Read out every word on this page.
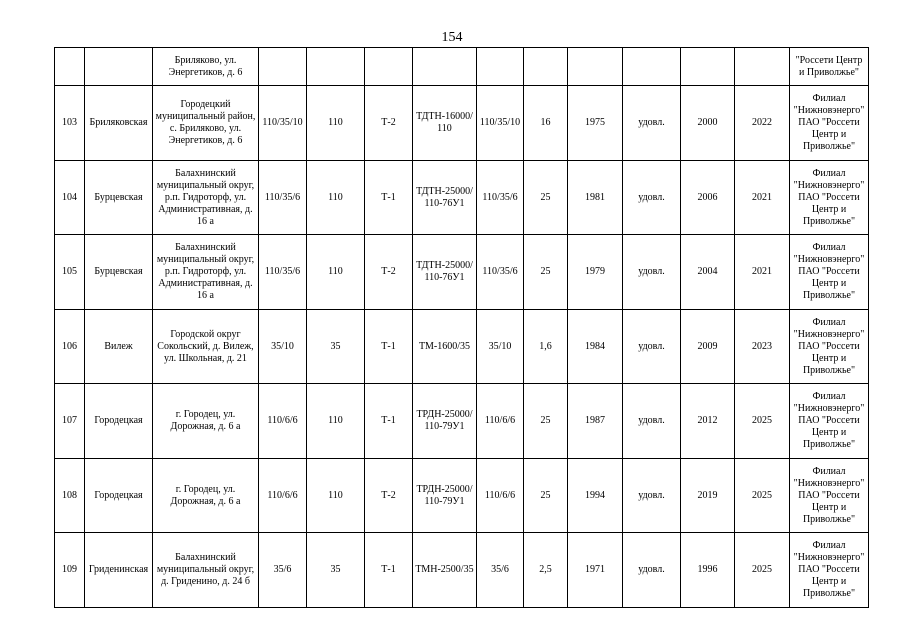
154
		Бриляково, ул. Энергетиков, д. 6											"Россети Центр и Приволжье"
103	Бриляковская	Городецкий муниципальный район, с. Бриляково, ул. Энергетиков, д. 6	110/35/10	110	Т-2	ТДТН-16000/110	110/35/10	16	1975	удовл.	2000	2022	Филиал "Нижновэнерго" ПАО "Россети Центр и Приволжье"
104	Бурцевская	Балахнинский муниципальный округ, р.п. Гидроторф, ул. Административная, д. 16 а	110/35/6	110	Т-1	ТДТН-25000/110-76У1	110/35/6	25	1981	удовл.	2006	2021	Филиал "Нижновэнерго" ПАО "Россети Центр и Приволжье"
105	Бурцевская	Балахнинский муниципальный округ, р.п. Гидроторф, ул. Административная, д. 16 а	110/35/6	110	Т-2	ТДТН-25000/110-76У1	110/35/6	25	1979	удовл.	2004	2021	Филиал "Нижновэнерго" ПАО "Россети Центр и Приволжье"
106	Вилеж	Городской округ Сокольский, д. Вилеж, ул. Школьная, д. 21	35/10	35	Т-1	ТМ-1600/35	35/10	1,6	1984	удовл.	2009	2023	Филиал "Нижновэнерго" ПАО "Россети Центр и Приволжье"
107	Городецкая	г. Городец, ул. Дорожная, д. 6 а	110/6/6	110	Т-1	ТРДН-25000/110-79У1	110/6/6	25	1987	удовл.	2012	2025	Филиал "Нижновэнерго" ПАО "Россети Центр и Приволжье"
108	Городецкая	г. Городец, ул. Дорожная, д. 6 а	110/6/6	110	Т-2	ТРДН-25000/110-79У1	110/6/6	25	1994	удовл.	2019	2025	Филиал "Нижновэнерго" ПАО "Россети Центр и Приволжье"
109	Гриденинская	Балахнинский муниципальный округ, д. Гриденино, д. 24 б	35/6	35	Т-1	ТМН-2500/35	35/6	2,5	1971	удовл.	1996	2025	Филиал "Нижновэнерго" ПАО "Россети Центр и Приволжье"
